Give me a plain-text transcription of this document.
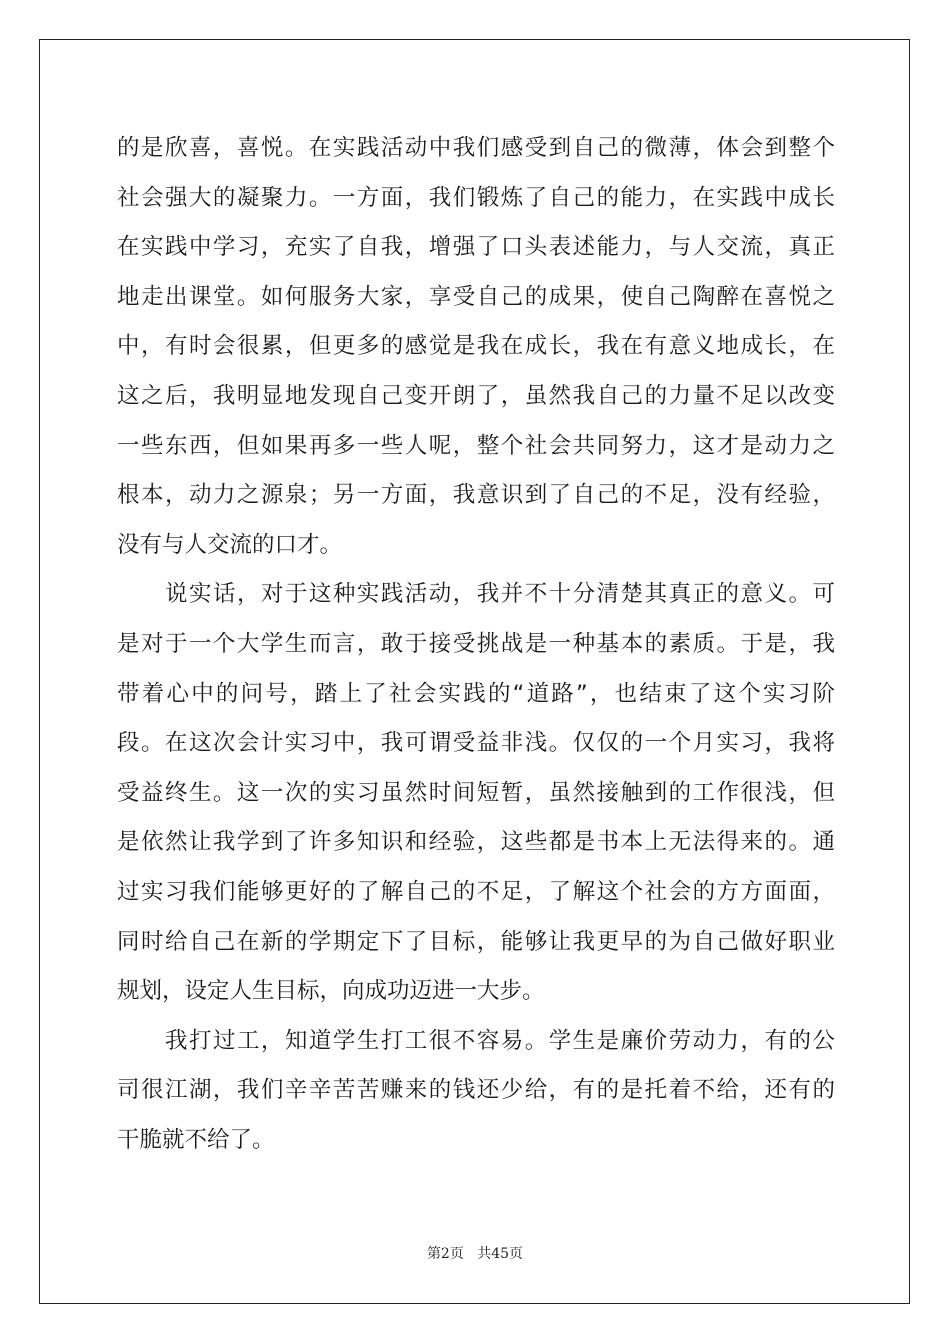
的是欣喜，喜悦。在实践活动中我们感受到自己的微薄，体会到整个
社会强大的凝聚力。一方面，我们锻炼了自己的能力，在实践中成长
在实践中学习，充实了自我，增强了口头表述能力，与人交流，真正
地走出课堂。如何服务大家，享受自己的成果，使自己陶醉在喜悦之
中，有时会很累，但更多的感觉是我在成长，我在有意义地成长，在
这之后，我明显地发现自己变开朗了，虽然我自己的力量不足以改变
一些东西，但如果再多一些人呢，整个社会共同努力，这才是动力之
根本，动力之源泉；另一方面，我意识到了自己的不足，没有经验，
没有与人交流的口才。
说实话，对于这种实践活动，我并不十分清楚其真正的意义。可
是对于一个大学生而言，敢于接受挑战是一种基本的素质。于是，我
带着心中的问号，踏上了社会实践的“道路”，也结束了这个实习阶
段。在这次会计实习中，我可谓受益非浅。仅仅的一个月实习，我将
受益终生。这一次的实习虽然时间短暂，虽然接触到的工作很浅，但
是依然让我学到了许多知识和经验，这些都是书本上无法得来的。通
过实习我们能够更好的了解自己的不足，了解这个社会的方方面面，
同时给自己在新的学期定下了目标，能够让我更早的为自己做好职业
规划，设定人生目标，向成功迈进一大步。
我打过工，知道学生打工很不容易。学生是廉价劳动力，有的公
司很江湖，我们辛辛苦苦赚来的钱还少给，有的是托着不给，还有的
干脆就不给了。
第2页 共45页
